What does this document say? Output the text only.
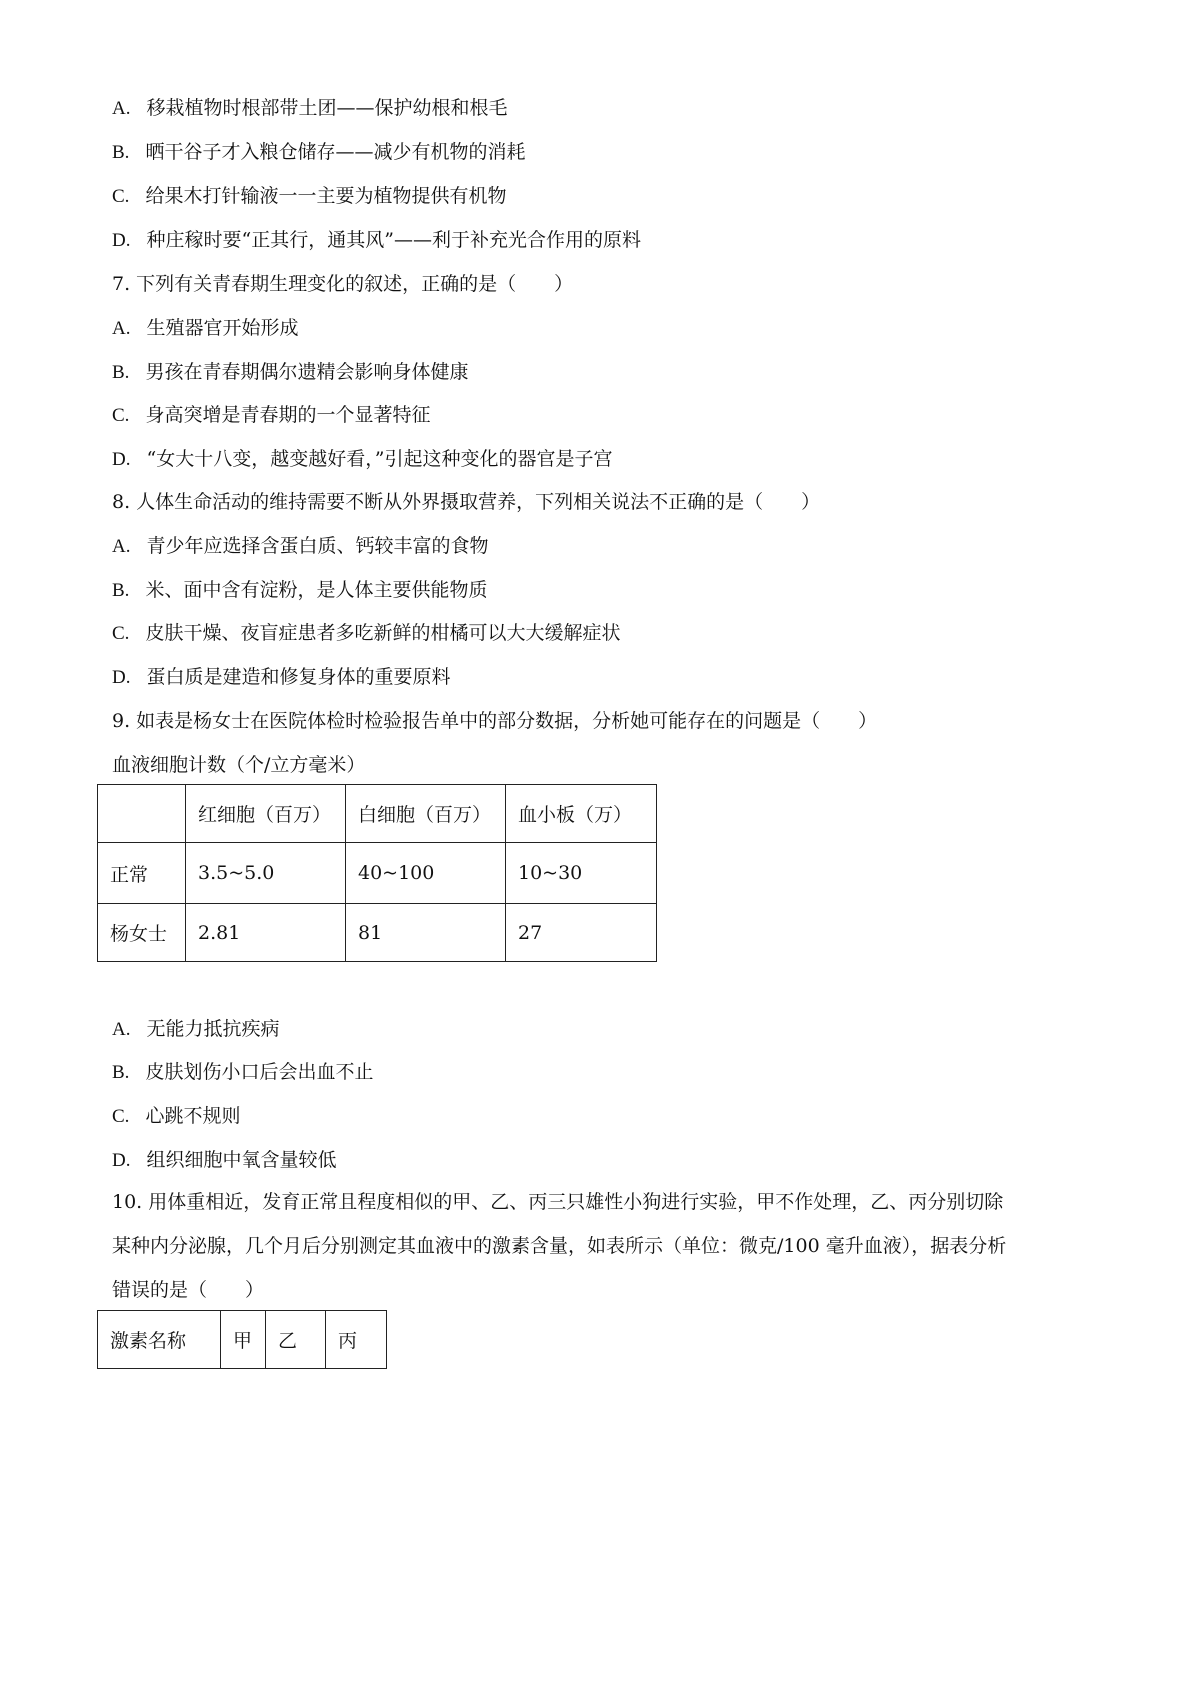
A. 移栽植物时根部带土团——保护幼根和根毛
B. 晒干谷子才入粮仓储存——减少有机物的消耗
C. 给果木打针输液一一主要为植物提供有机物
D. 种庄稼时要“正其行，通其风”——利于补充光合作用的原料
7. 下列有关青春期生理变化的叙述，正确的是（　　）
A. 生殖器官开始形成
B. 男孩在青春期偶尔遗精会影响身体健康
C. 身高突增是青春期的一个显著特征
D. “女大十八变，越变越好看，”引起这种变化的器官是子宫
8. 人体生命活动的维持需要不断从外界摄取营养，下列相关说法不正确的是（　　）
A. 青少年应选择含蛋白质、钙较丰富的食物
B. 米、面中含有淀粉，是人体主要供能物质
C. 皮肤干燥、夜盲症患者多吃新鲜的柑橘可以大大缓解症状
D. 蛋白质是建造和修复身体的重要原料
9. 如表是杨女士在医院体检时检验报告单中的部分数据，分析她可能存在的问题是（　　）
血液细胞计数（个/立方毫米）
	红细胞（百万）	白细胞（百万）	血小板（万）
正常	3.5~5.0	40~100	10~30
杨女士	2.81	81	27
A. 无能力抵抗疾病
B. 皮肤划伤小口后会出血不止
C. 心跳不规则
D. 组织细胞中氧含量较低
10. 用体重相近，发育正常且程度相似的甲、乙、丙三只雄性小狗进行实验，甲不作处理，乙、丙分别切除
某种内分泌腺，几个月后分别测定其血液中的激素含量，如表所示（单位：微克/100 毫升血液），据表分析
错误的是（　　）
激素名称	甲	乙	丙
